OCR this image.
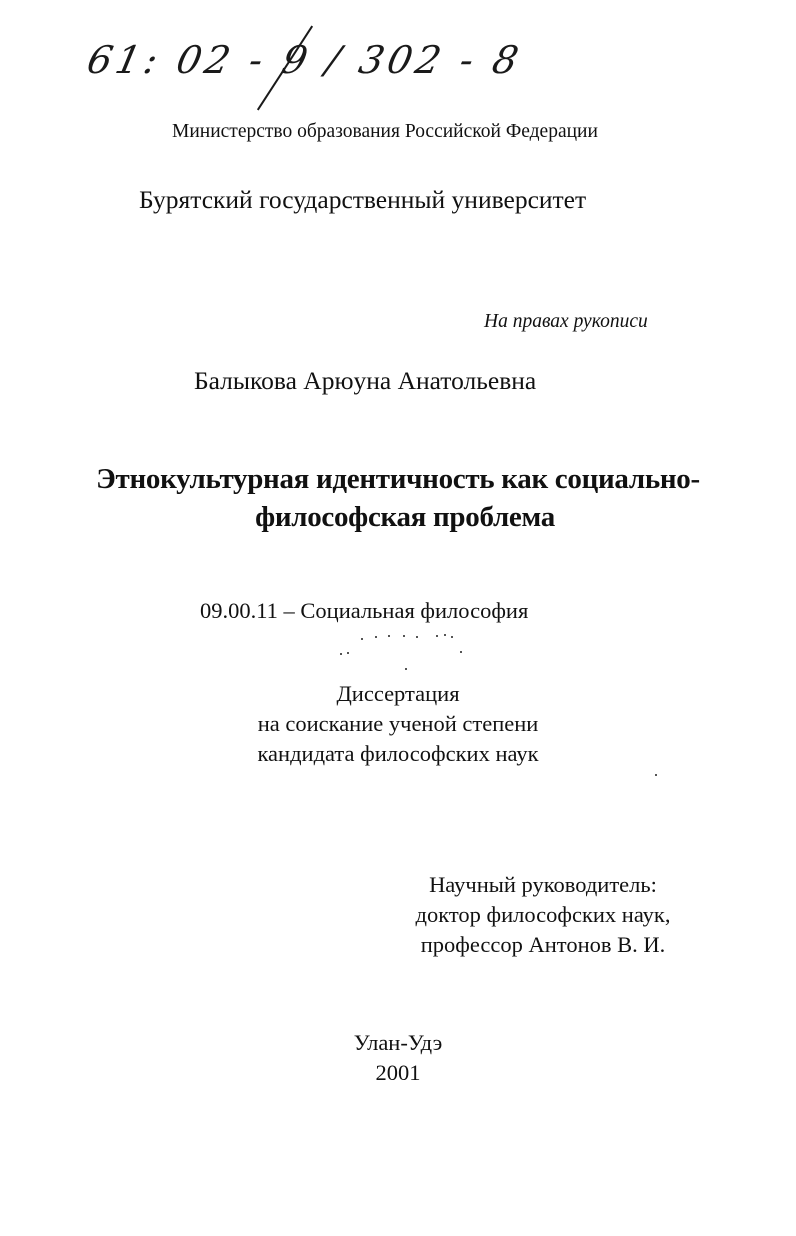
61: 02 - 9 / 302 - 8
Министерство образования Российской Федерации
Бурятский государственный университет
На правах рукописи
Балыкова Арюуна Анатольевна
Этнокультурная идентичность как социально-
философская проблема
09.00.11 – Социальная философия
Диссертация
на соискание ученой степени
кандидата философских наук
Научный руководитель:
доктор философских наук,
профессор Антонов В. И.
Улан-Удэ
2001
